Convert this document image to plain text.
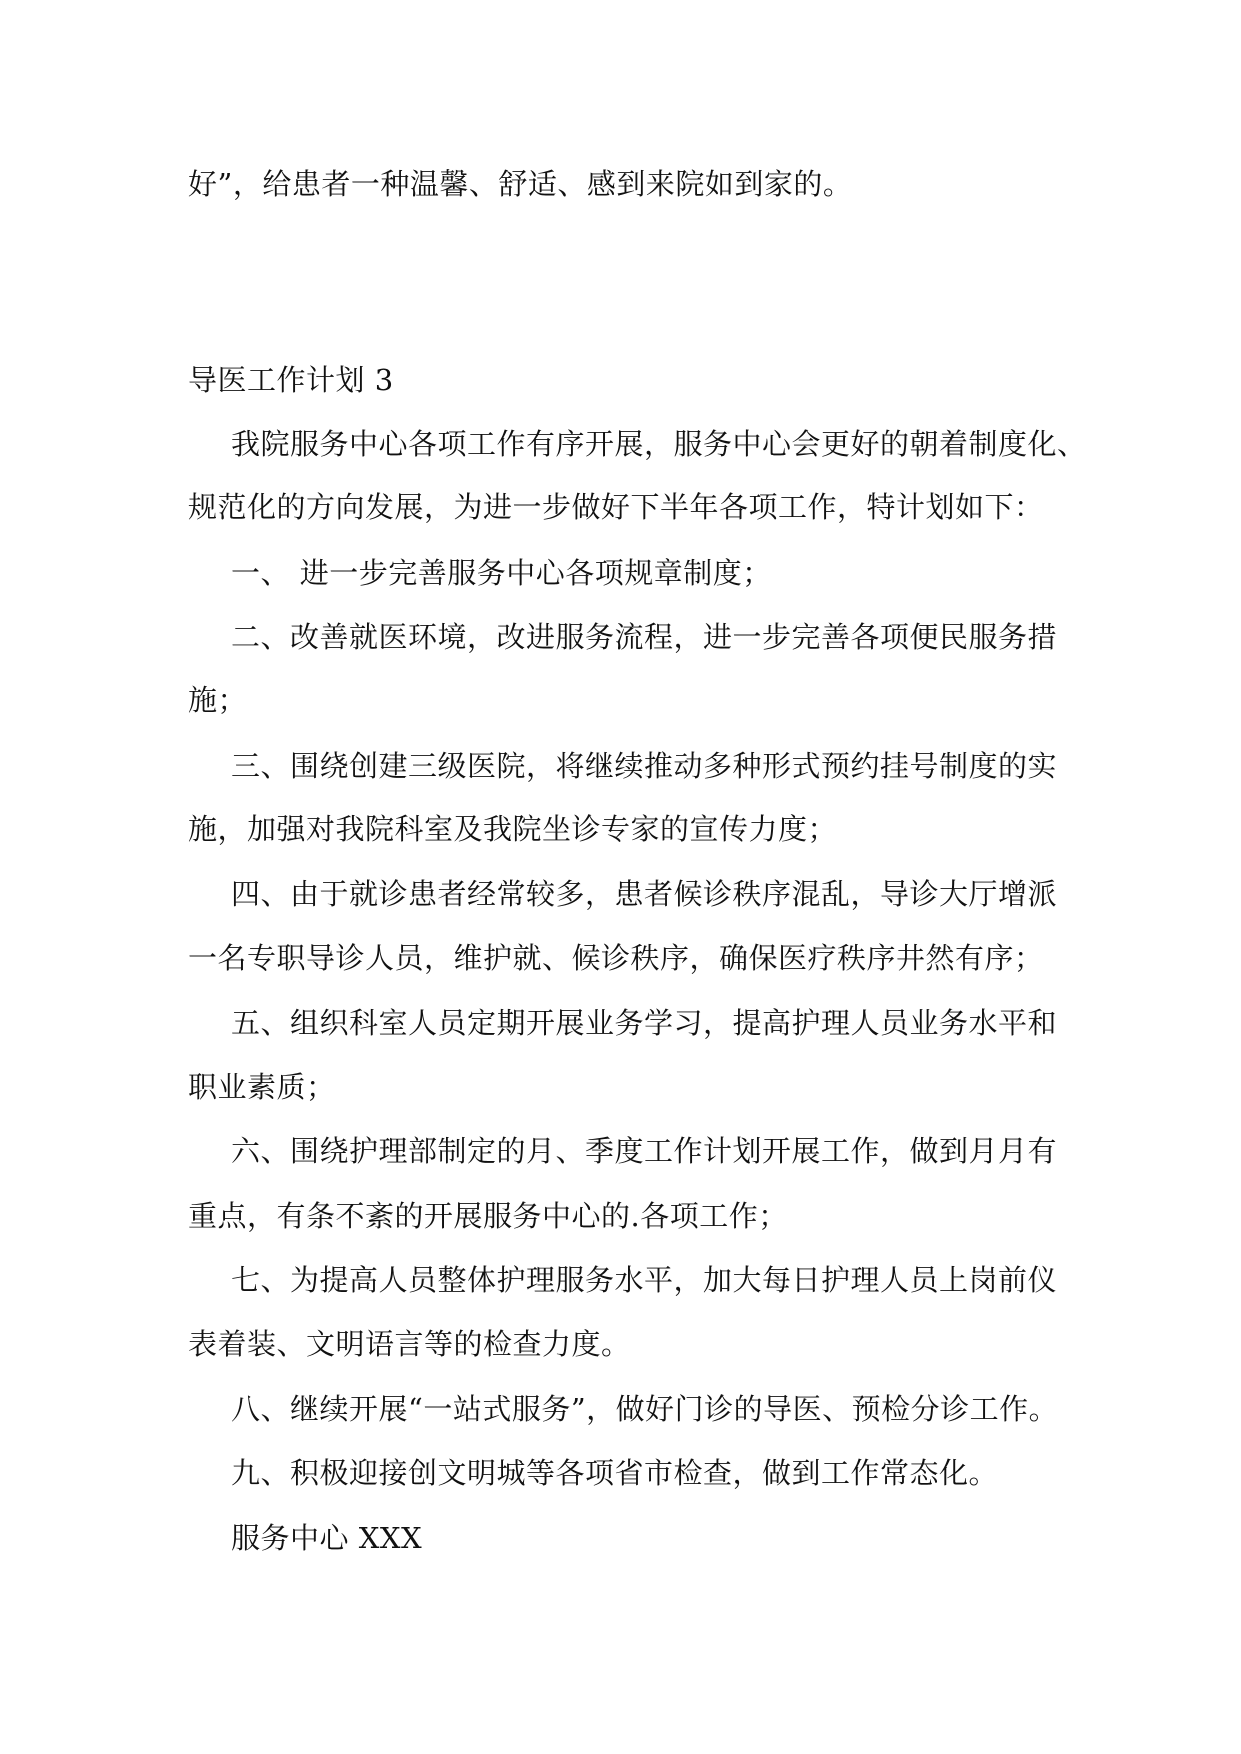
好”，给患者一种温馨、舒适、感到来院如到家的。
导医工作计划 3
我院服务中心各项工作有序开展，服务中心会更好的朝着制度化、
规范化的方向发展，为进一步做好下半年各项工作，特计划如下：
一、 进一步完善服务中心各项规章制度；
二、改善就医环境，改进服务流程，进一步完善各项便民服务措
施；
三、围绕创建三级医院，将继续推动多种形式预约挂号制度的实
施，加强对我院科室及我院坐诊专家的宣传力度；
四、由于就诊患者经常较多，患者候诊秩序混乱，导诊大厅增派
一名专职导诊人员，维护就、候诊秩序，确保医疗秩序井然有序；
五、组织科室人员定期开展业务学习，提高护理人员业务水平和
职业素质；
六、围绕护理部制定的月、季度工作计划开展工作，做到月月有
重点，有条不紊的开展服务中心的.各项工作；
七、为提高人员整体护理服务水平，加大每日护理人员上岗前仪
表着装、文明语言等的检查力度。
八、继续开展“一站式服务”，做好门诊的导医、预检分诊工作。
九、积极迎接创文明城等各项省市检查，做到工作常态化。
服务中心 XXX
